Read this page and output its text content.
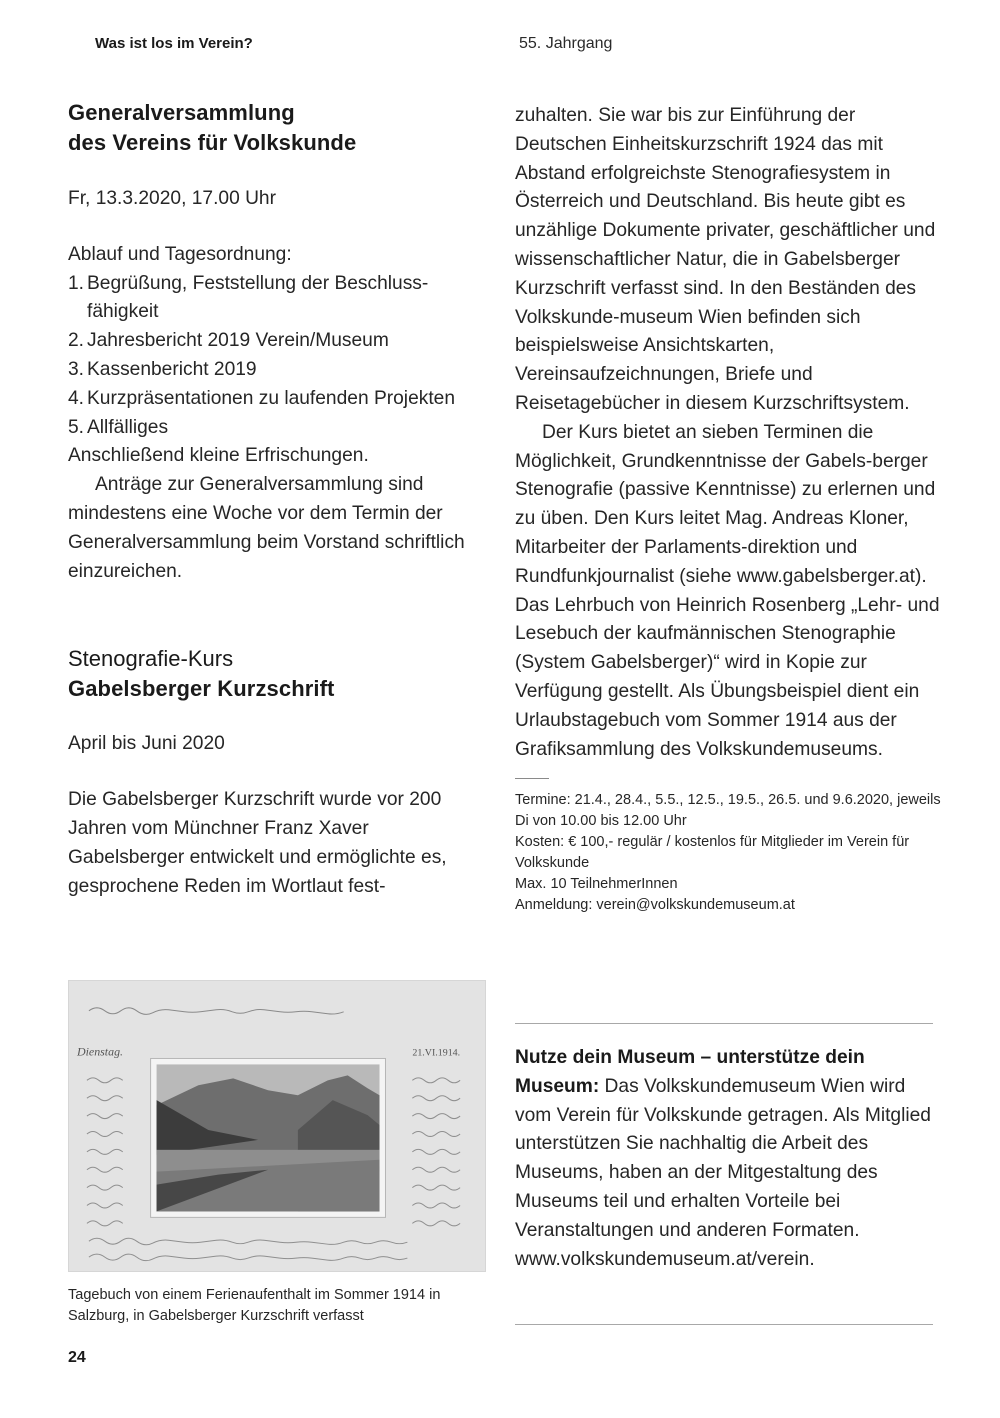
Was ist los im Verein?	55. Jahrgang
Generalversammlung
des Vereins für Volkskunde

Fr, 13.3.2020, 17.00 Uhr

Ablauf und Tagesordnung:

1. Begrüßung, Feststellung der Beschluss-fähigkeit
2. Jahresbericht 2019 Verein/Museum
3. Kassenbericht 2019
4. Kurzpräsentationen zu laufenden Projekten
5. Allfälliges

Anschließend kleine Erfrischungen.

Anträge zur Generalversammlung sind mindestens eine Woche vor dem Termin der Generalversammlung beim Vorstand schriftlich einzureichen.

Stenografie-Kurs
Gabelsberger Kurzschrift

April bis Juni 2020

Die Gabelsberger Kurzschrift wurde vor 200 Jahren vom Münchner Franz Xaver Gabelsberger entwickelt und ermöglichte es, gesprochene Reden im Wortlaut fest-

Dienstag.	21.VI.1914.
Tagebuch von einem Ferienaufenthalt im Sommer 1914 in Salzburg, in Gabelsberger Kurzschrift verfasst
24

zuhalten. Sie war bis zur Einführung der Deutschen Einheitskurzschrift 1924 das mit Abstand erfolgreichste Stenografiesystem in Österreich und Deutschland. Bis heute gibt es unzählige Dokumente privater, geschäftlicher und wissenschaftlicher Natur, die in Gabelsberger Kurzschrift verfasst sind. In den Beständen des Volkskunde-museum Wien befinden sich beispielsweise Ansichtskarten, Vereinsaufzeichnungen, Briefe und Reisetagebücher in diesem Kurzschriftsystem.

Der Kurs bietet an sieben Terminen die Möglichkeit, Grundkenntnisse der Gabels-berger Stenografie (passive Kenntnisse) zu erlernen und zu üben. Den Kurs leitet Mag. Andreas Kloner, Mitarbeiter der Parlaments-direktion und Rundfunkjournalist (siehe www.gabelsberger.at). Das Lehrbuch von Heinrich Rosenberg „Lehr- und Lesebuch der kaufmännischen Stenographie (System Gabelsberger)“ wird in Kopie zur Verfügung gestellt. Als Übungsbeispiel dient ein Urlaubstagebuch vom Sommer 1914 aus der Grafiksammlung des Volkskundemuseums.

Termine: 21.4., 28.4., 5.5., 12.5., 19.5., 26.5. und 9.6.2020, jeweils Di von 10.00 bis 12.00 Uhr
Kosten: € 100,- regulär / kostenlos für Mitglieder im Verein für Volkskunde
Max. 10 TeilnehmerInnen
Anmeldung: verein@volkskundemuseum.at
Nutze dein Museum – unterstütze dein Museum: Das Volkskundemuseum Wien wird vom Verein für Volkskunde getragen. Als Mitglied unterstützen Sie nachhaltig die Arbeit des Museums, haben an der Mitgestaltung des Museums teil und erhalten Vorteile bei Veranstaltungen und anderen Formaten.
www.volkskundemuseum.at/verein.
